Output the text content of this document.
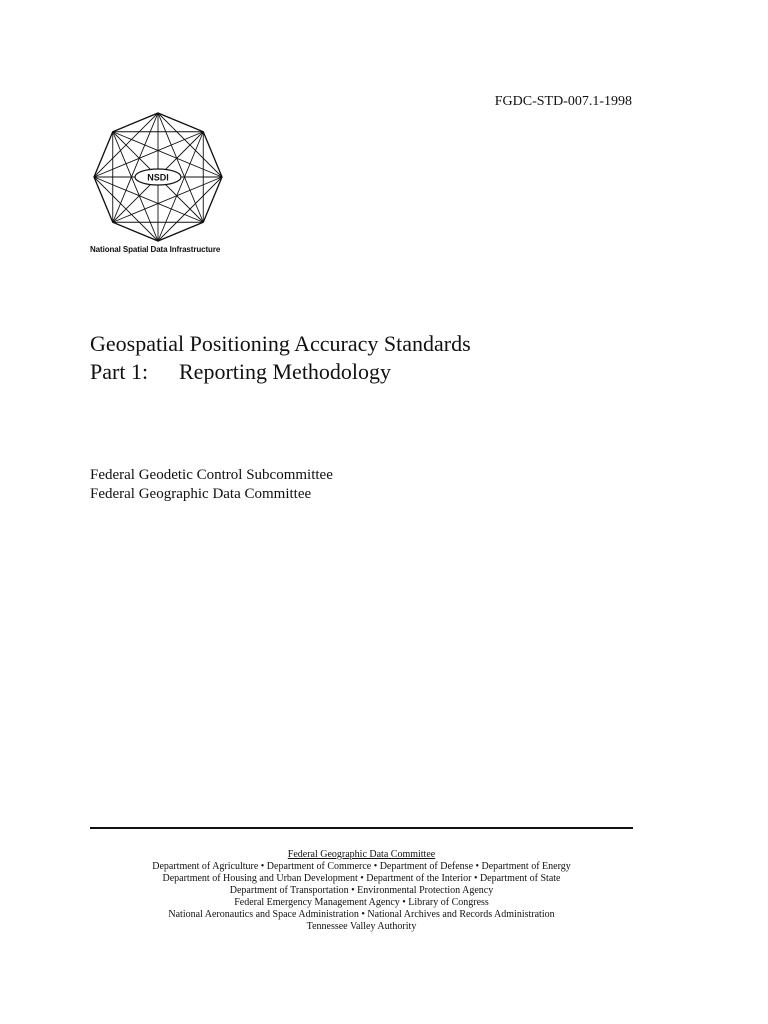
FGDC-STD-007.1-1998
NSDI
National Spatial Data Infrastructure
Geospatial Positioning Accuracy Standards
Part 1: Reporting Methodology
Federal Geodetic Control Subcommittee
Federal Geographic Data Committee
Federal Geographic Data Committee
Department of Agriculture • Department of Commerce • Department of Defense • Department of Energy
Department of Housing and Urban Development • Department of the Interior • Department of State
Department of Transportation • Environmental Protection Agency
Federal Emergency Management Agency • Library of Congress
National Aeronautics and Space Administration • National Archives and Records Administration
Tennessee Valley Authority
